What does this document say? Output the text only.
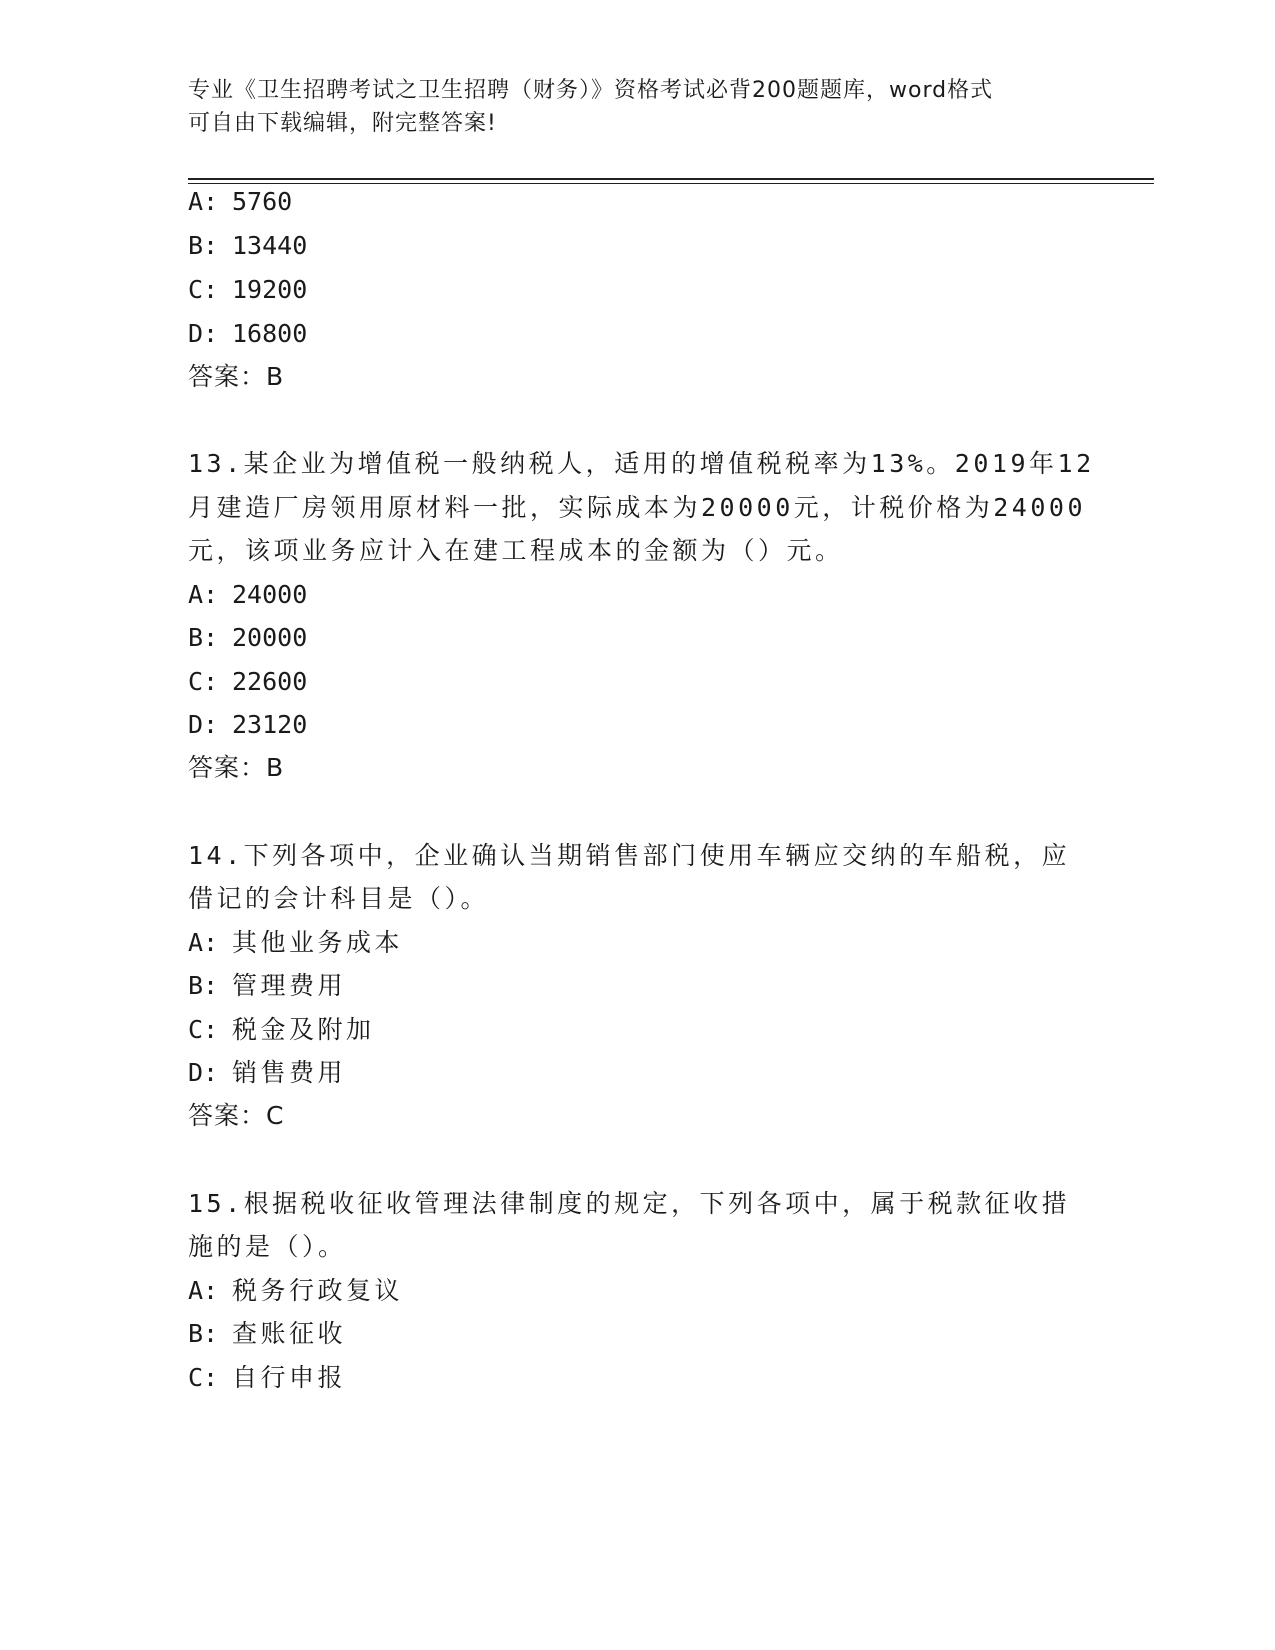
专业《卫生招聘考试之卫生招聘（财务）》资格考试必背200题题库，word格式
可自由下载编辑，附完整答案!
A: 5760
B: 13440
C: 19200
D: 16800
答案：B
13.某企业为增值税一般纳税人，适用的增值税税率为13%。2019年12
月建造厂房领用原材料一批，实际成本为20000元，计税价格为24000
元，该项业务应计入在建工程成本的金额为（）元。
A: 24000
B: 20000
C: 22600
D: 23120
答案：B
14.下列各项中，企业确认当期销售部门使用车辆应交纳的车船税，应
借记的会计科目是（）。
A: 其他业务成本
B: 管理费用
C: 税金及附加
D: 销售费用
答案：C
15.根据税收征收管理法律制度的规定，下列各项中，属于税款征收措
施的是（）。
A: 税务行政复议
B: 查账征收
C: 自行申报
